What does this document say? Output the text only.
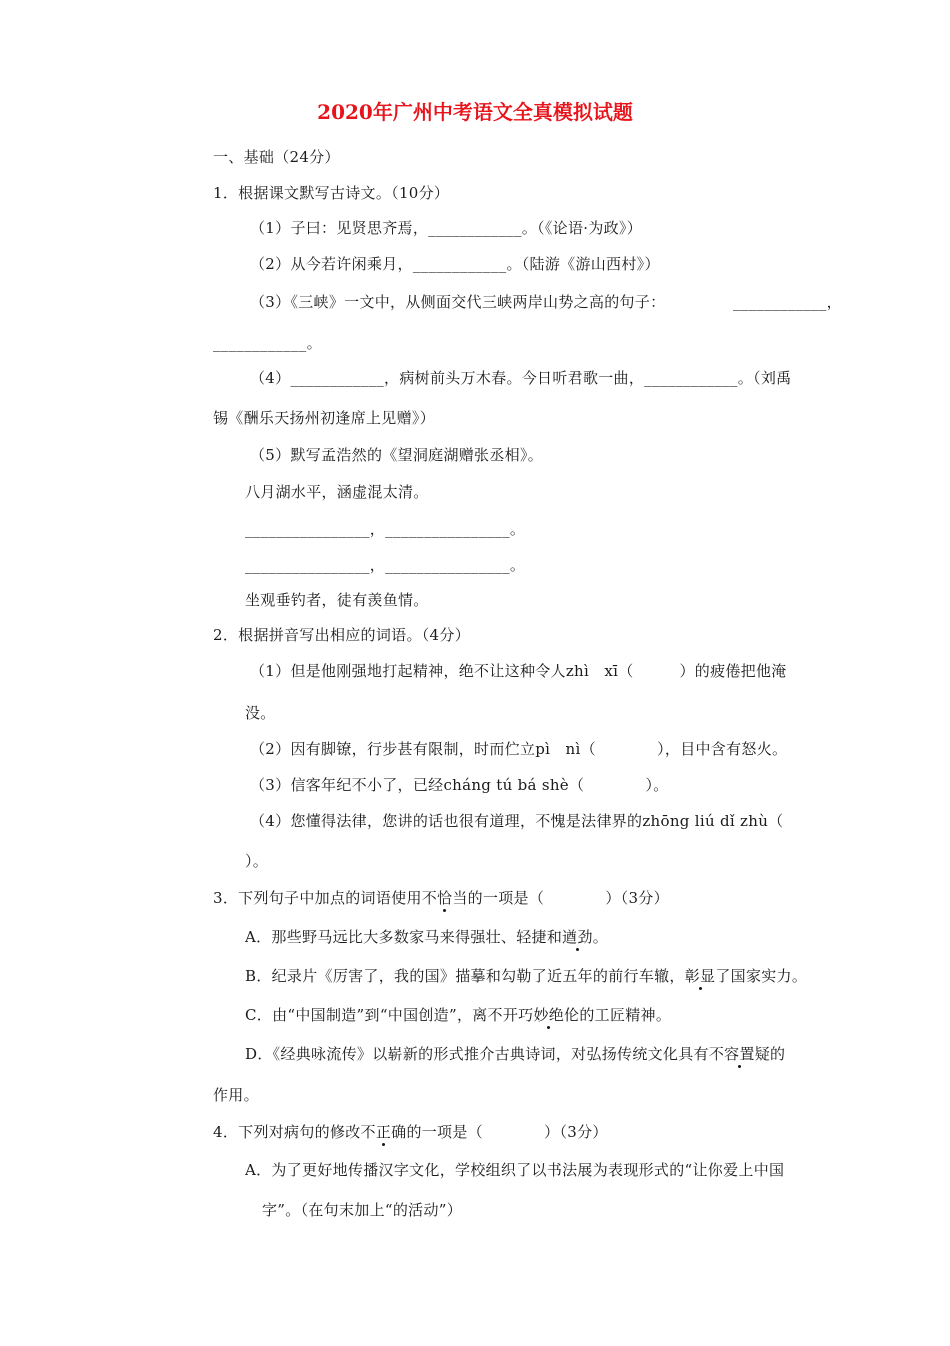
2020年广州中考语文全真模拟试题
一、基础（24分）
1．根据课文默写古诗文。（10分）
（1）子曰：见贤思齐焉，____________。（《论语·为政》）
（2）从今若许闲乘月，____________。（陆游《游山西村》）
（3）《三峡》一文中，从侧面交代三峡两岸山势之高的句子：	____________，
____________。
（4）____________，病树前头万木春。今日听君歌一曲，____________。（刘禹
锡《酬乐天扬州初逢席上见赠》）
（5）默写孟浩然的《望洞庭湖赠张丞相》。
八月湖水平，涵虚混太清。
________________，________________。
________________，________________。
坐观垂钓者，徒有羡鱼情。
2．根据拼音写出相应的词语。（4分）
（1）但是他刚强地打起精神，绝不让这种令人zhì　xī（　　　）的疲倦把他淹
没。
（2）因有脚镣，行步甚有限制，时而伫立pì　nì（　　　　），目中含有怒火。
（3）信客年纪不小了，已经cháng tú bá shè（　　　　）。
（4）您懂得法律，您讲的话也很有道理，不愧是法律界的zhōng liú dǐ zhù（
）。
3．下列句子中加点的词语使用不恰当的一项是（　　　　）（3分）
A．那些野马远比大多数家马来得强壮、轻捷和遒劲。
B．纪录片《厉害了，我的国》描摹和勾勒了近五年的前行车辙，彰显了国家实力。
C．由“中国制造”到“中国创造”，离不开巧妙绝伦的工匠精神。
D．《经典咏流传》以崭新的形式推介古典诗词，对弘扬传统文化具有不容置疑的
作用。
4．下列对病句的修改不正确的一项是（　　　　）（3分）
A．为了更好地传播汉字文化，学校组织了以书法展为表现形式的“让你爱上中国
字”。（在句末加上“的活动”）
